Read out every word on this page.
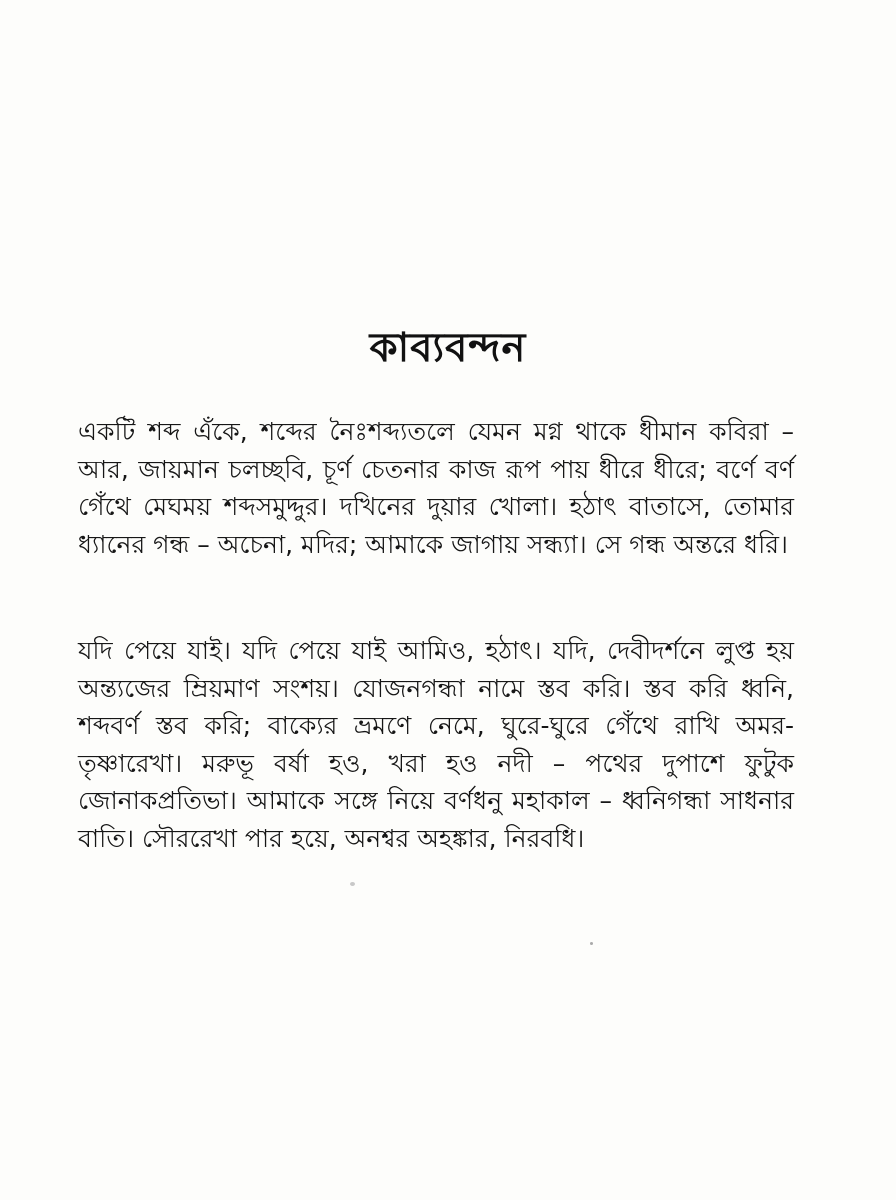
কাব্যবন্দন

একটি শব্দ এঁকে, শব্দের নৈঃশব্দ্যতলে যেমন মগ্ন থাকে ধীমান কবিরা – আর, জায়মান চলচ্ছবি, চূর্ণ চেতনার কাজ রূপ পায় ধীরে ধীরে; বর্ণে বর্ণ গেঁথে মেঘময় শব্দসমুদ্দুর। দখিনের দুয়ার খোলা। হঠাৎ বাতাসে, তোমার ধ্যানের গন্ধ – অচেনা, মদির; আমাকে জাগায় সন্ধ্যা। সে গন্ধ অন্তরে ধরি।

যদি পেয়ে যাই। যদি পেয়ে যাই আমিও, হঠাৎ। যদি, দেবীদর্শনে লুপ্ত হয় অন্ত্যজের ম্রিয়মাণ সংশয়। যোজনগন্ধা নামে স্তব করি। স্তব করি ধ্বনি, শব্দবর্ণ স্তব করি; বাক্যের ভ্রমণে নেমে, ঘুরে-ঘুরে গেঁথে রাখি অমর-তৃষ্ণারেখা। মরুভূ বর্ষা হও, খরা হও নদী – পথের দুপাশে ফুটুক জোনাকপ্রতিভা। আমাকে সঙ্গে নিয়ে বর্ণধনু মহাকাল – ধ্বনিগন্ধা সাধনার বাতি। সৌররেখা পার হয়ে, অনশ্বর অহঙ্কার, নিরবধি।
